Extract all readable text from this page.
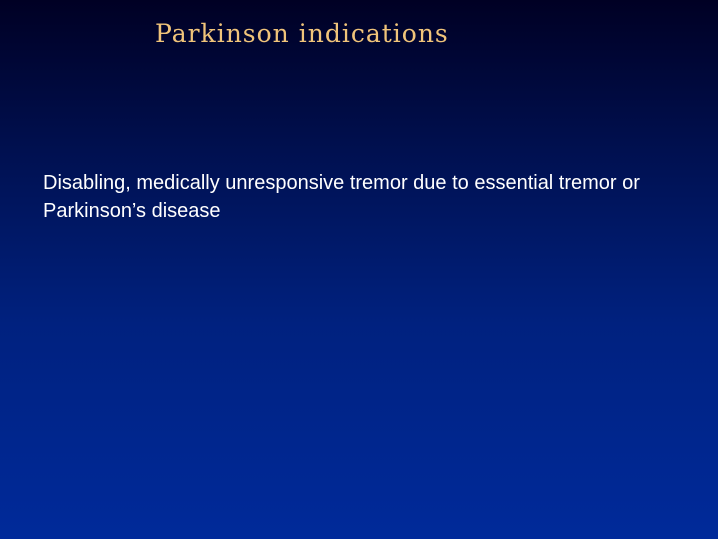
Parkinson indications

Disabling, medically unresponsive tremor due to essential tremor or Parkinson’s disease
